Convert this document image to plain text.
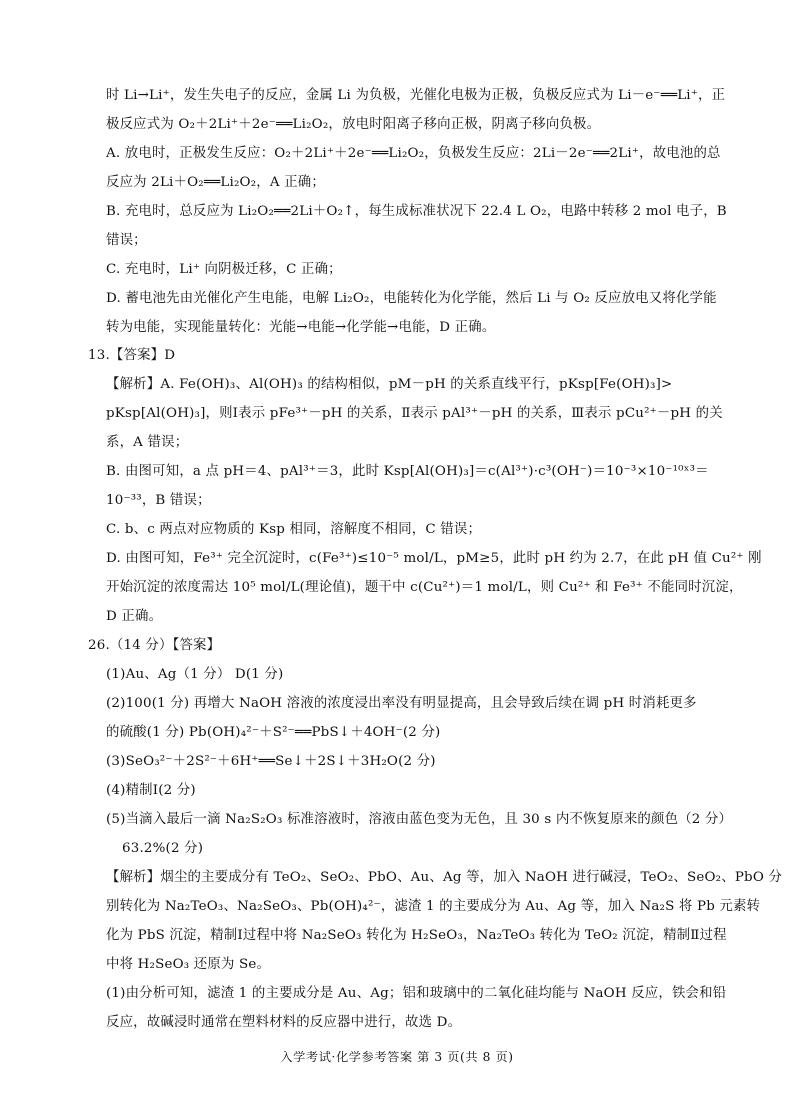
时 Li→Li⁺，发生失电子的反应，金属 Li 为负极，光催化电极为正极，负极反应式为 Li－e⁻══Li⁺，正
极反应式为 O₂＋2Li⁺＋2e⁻══Li₂O₂，放电时阳离子移向正极，阴离子移向负极。
A. 放电时，正极发生反应：O₂＋2Li⁺＋2e⁻══Li₂O₂，负极发生反应：2Li－2e⁻══2Li⁺，故电池的总
反应为 2Li＋O₂══Li₂O₂，A 正确；
B. 充电时，总反应为 Li₂O₂══2Li＋O₂↑，每生成标准状况下 22.4 L O₂，电路中转移 2 mol 电子，B
错误；
C. 充电时，Li⁺ 向阴极迁移，C 正确；
D. 蓄电池先由光催化产生电能，电解 Li₂O₂，电能转化为化学能，然后 Li 与 O₂ 反应放电又将化学能
转为电能，实现能量转化：光能→电能→化学能→电能，D 正确。
13.【答案】D
【解析】A. Fe(OH)₃、Al(OH)₃ 的结构相似，pM－pH 的关系直线平行，pKsp[Fe(OH)₃]>
pKsp[Al(OH)₃]，则Ⅰ表示 pFe³⁺－pH 的关系，Ⅱ表示 pAl³⁺－pH 的关系，Ⅲ表示 pCu²⁺－pH 的关
系，A 错误；
B. 由图可知，a 点 pH＝4、pAl³⁺＝3，此时 Ksp[Al(OH)₃]＝c(Al³⁺)·c³(OH⁻)＝10⁻³×10⁻¹⁰ˣ³＝
10⁻³³，B 错误；
C. b、c 两点对应物质的 Ksp 相同，溶解度不相同，C 错误；
D. 由图可知，Fe³⁺ 完全沉淀时，c(Fe³⁺)≤10⁻⁵ mol/L，pM≥5，此时 pH 约为 2.7，在此 pH 值 Cu²⁺ 刚
开始沉淀的浓度需达 10⁵ mol/L(理论值)，题干中 c(Cu²⁺)＝1 mol/L，则 Cu²⁺ 和 Fe³⁺ 不能同时沉淀，
D 正确。
26.（14 分）【答案】
(1)Au、Ag（1 分） D(1 分)
(2)100(1 分) 再增大 NaOH 溶液的浓度浸出率没有明显提高，且会导致后续在调 pH 时消耗更多
的硫酸(1 分) Pb(OH)₄²⁻＋S²⁻══PbS↓＋4OH⁻(2 分)
(3)SeO₃²⁻＋2S²⁻＋6H⁺══Se↓＋2S↓＋3H₂O(2 分)
(4)精制Ⅰ(2 分)
(5)当滴入最后一滴 Na₂S₂O₃ 标准溶液时，溶液由蓝色变为无色，且 30 s 内不恢复原来的颜色（2 分）
63.2%(2 分)
【解析】烟尘的主要成分有 TeO₂、SeO₂、PbO、Au、Ag 等，加入 NaOH 进行碱浸，TeO₂、SeO₂、PbO 分
别转化为 Na₂TeO₃、Na₂SeO₃、Pb(OH)₄²⁻，滤渣 1 的主要成分为 Au、Ag 等，加入 Na₂S 将 Pb 元素转
化为 PbS 沉淀，精制Ⅰ过程中将 Na₂SeO₃ 转化为 H₂SeO₃，Na₂TeO₃ 转化为 TeO₂ 沉淀，精制Ⅱ过程
中将 H₂SeO₃ 还原为 Se。
(1)由分析可知，滤渣 1 的主要成分是 Au、Ag；铝和玻璃中的二氧化硅均能与 NaOH 反应，铁会和铅
反应，故碱浸时通常在塑料材料的反应器中进行，故选 D。
入学考试·化学参考答案 第 3 页(共 8 页)
